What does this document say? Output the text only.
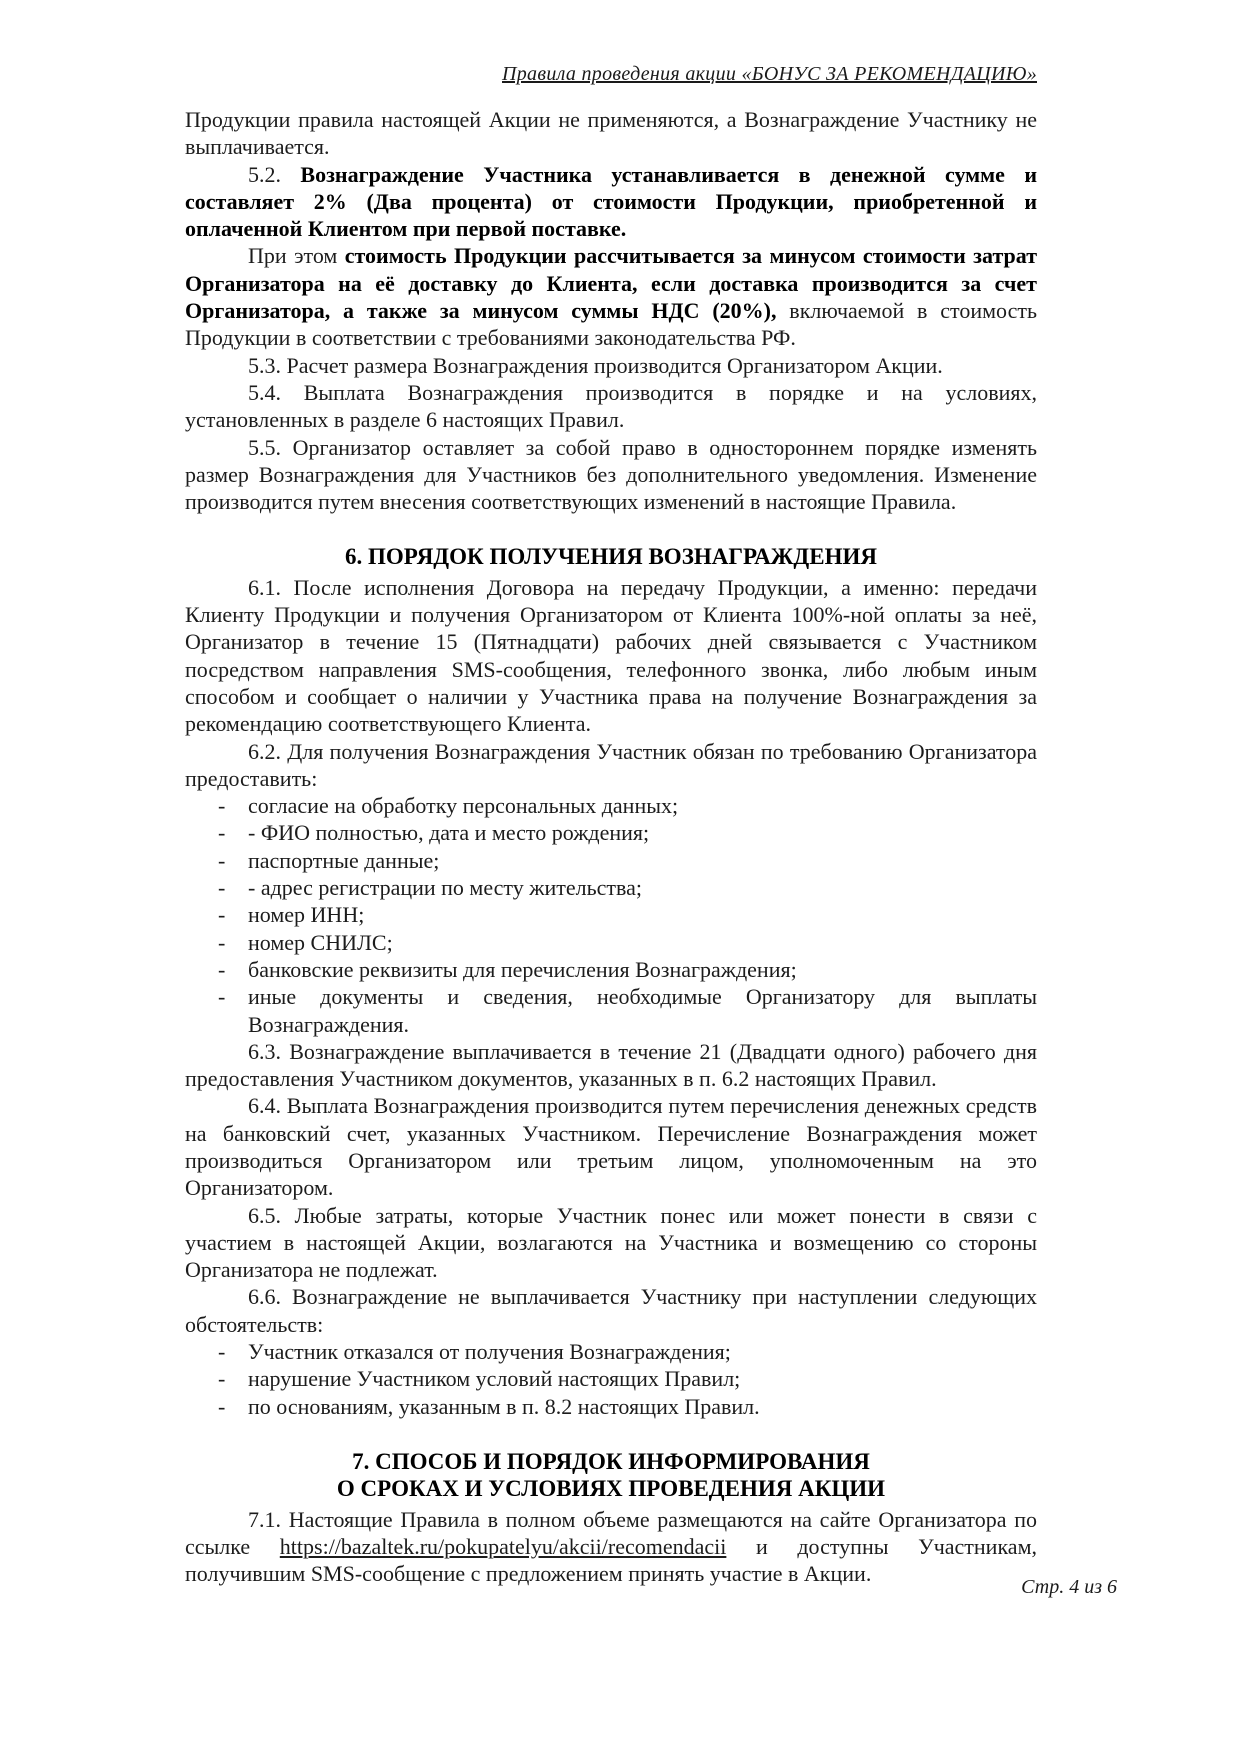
Правила проведения акции «БОНУС ЗА РЕКОМЕНДАЦИЮ»

Продукции правила настоящей Акции не применяются, а Вознаграждение Участнику не выплачивается.

5.2. Вознаграждение Участника устанавливается в денежной сумме и составляет 2% (Два процента) от стоимости Продукции, приобретенной и оплаченной Клиентом при первой поставке.

При этом стоимость Продукции рассчитывается за минусом стоимости затрат Организатора на её доставку до Клиента, если доставка производится за счет Организатора, а также за минусом суммы НДС (20%), включаемой в стоимость Продукции в соответствии с требованиями законодательства РФ.

5.3. Расчет размера Вознаграждения производится Организатором Акции.

5.4. Выплата Вознаграждения производится в порядке и на условиях, установленных в разделе 6 настоящих Правил.

5.5. Организатор оставляет за собой право в одностороннем порядке изменять размер Вознаграждения для Участников без дополнительного уведомления. Изменение производится путем внесения соответствующих изменений в настоящие Правила.

6. ПОРЯДОК ПОЛУЧЕНИЯ ВОЗНАГРАЖДЕНИЯ

6.1. После исполнения Договора на передачу Продукции, а именно: передачи Клиенту Продукции и получения Организатором от Клиента 100%-ной оплаты за неё, Организатор в течение 15 (Пятнадцати) рабочих дней связывается с Участником посредством направления SMS-сообщения, телефонного звонка, либо любым иным способом и сообщает о наличии у Участника права на получение Вознаграждения за рекомендацию соответствующего Клиента.

6.2. Для получения Вознаграждения Участник обязан по требованию Организатора предоставить:

- согласие на обработку персональных данных;
- - ФИО полностью, дата и место рождения;
- паспортные данные;
- - адрес регистрации по месту жительства;
- номер ИНН;
- номер СНИЛС;
- банковские реквизиты для перечисления Вознаграждения;
- иные документы и сведения, необходимые Организатору для выплаты Вознаграждения.

6.3. Вознаграждение выплачивается в течение 21 (Двадцати одного) рабочего дня предоставления Участником документов, указанных в п. 6.2 настоящих Правил.

6.4. Выплата Вознаграждения производится путем перечисления денежных средств на банковский счет, указанных Участником. Перечисление Вознаграждения может производиться Организатором или третьим лицом, уполномоченным на это Организатором.

6.5. Любые затраты, которые Участник понес или может понести в связи с участием в настоящей Акции, возлагаются на Участника и возмещению со стороны Организатора не подлежат.

6.6. Вознаграждение не выплачивается Участнику при наступлении следующих обстоятельств:

- Участник отказался от получения Вознаграждения;
- нарушение Участником условий настоящих Правил;
- по основаниям, указанным в п. 8.2 настоящих Правил.
7. СПОСОБ И ПОРЯДОК ИНФОРМИРОВАНИЯ
О СРОКАХ И УСЛОВИЯХ ПРОВЕДЕНИЯ АКЦИИ

7.1. Настоящие Правила в полном объеме размещаются на сайте Организатора по ссылке https://bazaltek.ru/pokupatelyu/akcii/recomendacii и доступны Участникам, получившим SMS-сообщение с предложением принять участие в Акции.

Стр. 4 из 6
